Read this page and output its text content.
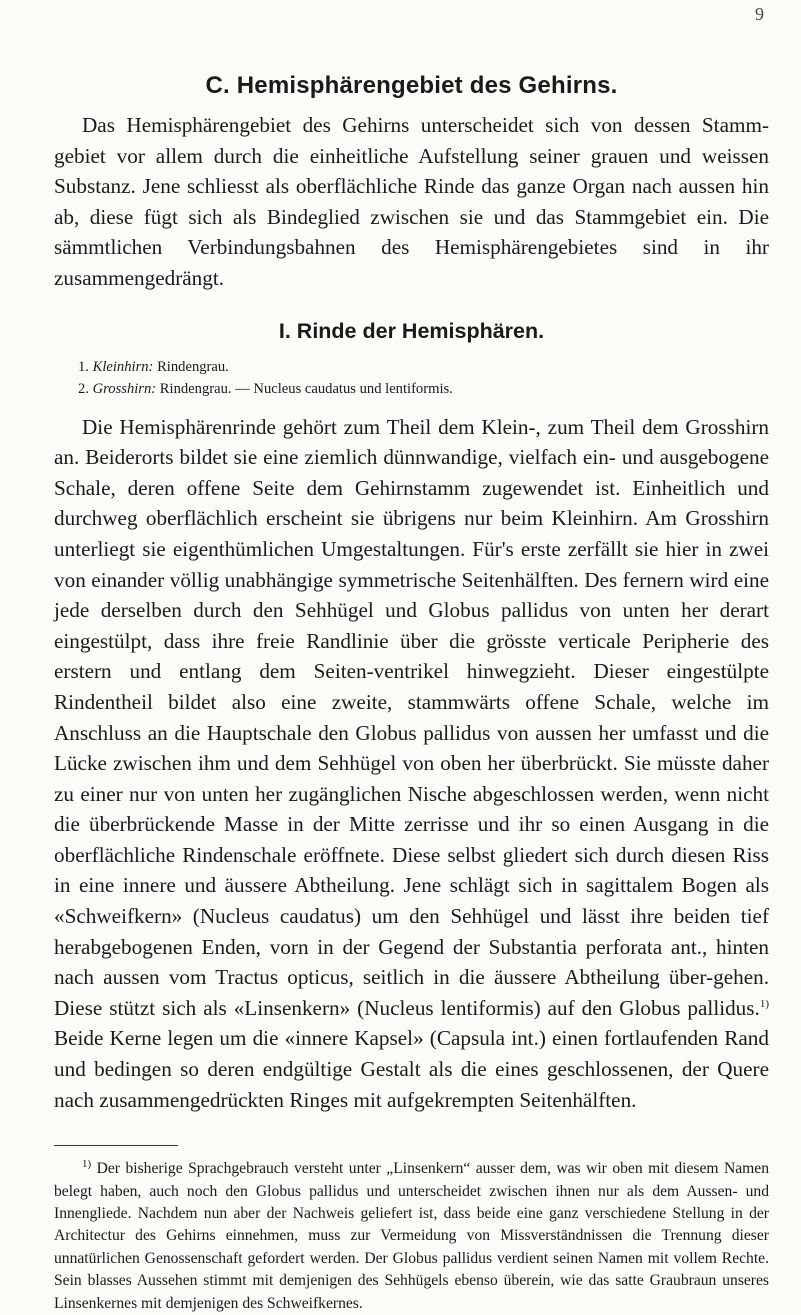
9
C. Hemisphärengebiet des Gehirns.

Das Hemisphärengebiet des Gehirns unterscheidet sich von dessen Stamm-gebiet vor allem durch die einheitliche Aufstellung seiner grauen und weissen Substanz. Jene schliesst als oberflächliche Rinde das ganze Organ nach aussen hin ab, diese fügt sich als Bindeglied zwischen sie und das Stammgebiet ein. Die sämmtlichen Verbindungsbahnen des Hemisphärengebietes sind in ihr zusammengedrängt.

I. Rinde der Hemisphären.
1. Kleinhirn: Rindengrau.
2. Grosshirn: Rindengrau. — Nucleus caudatus und lentiformis.

Die Hemisphärenrinde gehört zum Theil dem Klein-, zum Theil dem Grosshirn an. Beiderorts bildet sie eine ziemlich dünnwandige, vielfach ein- und ausgebogene Schale, deren offene Seite dem Gehirnstamm zugewendet ist. Einheitlich und durchweg oberflächlich erscheint sie übrigens nur beim Kleinhirn. Am Grosshirn unterliegt sie eigenthümlichen Umgestaltungen. Für's erste zerfällt sie hier in zwei von einander völlig unabhängige symmetrische Seitenhälften. Des fernern wird eine jede derselben durch den Sehhügel und Globus pallidus von unten her derart eingestülpt, dass ihre freie Randlinie über die grösste verticale Peripherie des erstern und entlang dem Seiten-ventrikel hinwegzieht. Dieser eingestülpte Rindentheil bildet also eine zweite, stammwärts offene Schale, welche im Anschluss an die Hauptschale den Globus pallidus von aussen her umfasst und die Lücke zwischen ihm und dem Sehhügel von oben her überbrückt. Sie müsste daher zu einer nur von unten her zugänglichen Nische abgeschlossen werden, wenn nicht die überbrückende Masse in der Mitte zerrisse und ihr so einen Ausgang in die oberflächliche Rindenschale eröffnete. Diese selbst gliedert sich durch diesen Riss in eine innere und äussere Abtheilung. Jene schlägt sich in sagittalem Bogen als «Schweifkern» (Nucleus caudatus) um den Sehhügel und lässt ihre beiden tief herabgebogenen Enden, vorn in der Gegend der Substantia perforata ant., hinten nach aussen vom Tractus opticus, seitlich in die äussere Abtheilung über-gehen. Diese stützt sich als «Linsenkern» (Nucleus lentiformis) auf den Globus pallidus.$^{1)}$ Beide Kerne legen um die «innere Kapsel» (Capsula int.) einen fortlaufenden Rand und bedingen so deren endgültige Gestalt als die eines geschlossenen, der Quere nach zusammengedrückten Ringes mit aufgekrempten Seitenhälften.

$^{1)}$ Der bisherige Sprachgebrauch versteht unter „Linsenkern“ ausser dem, was wir oben mit diesem Namen belegt haben, auch noch den Globus pallidus und unterscheidet zwischen ihnen nur als dem Aussen- und Innengliede. Nachdem nun aber der Nachweis geliefert ist, dass beide eine ganz verschiedene Stellung in der Architectur des Gehirns einnehmen, muss zur Vermeidung von Missverständnissen die Trennung dieser unnatürlichen Genossenschaft gefordert werden. Der Globus pallidus verdient seinen Namen mit vollem Rechte. Sein blasses Aussehen stimmt mit demjenigen des Sehhügels ebenso überein, wie das satte Graubraun unseres Linsenkernes mit demjenigen des Schweifkernes.
